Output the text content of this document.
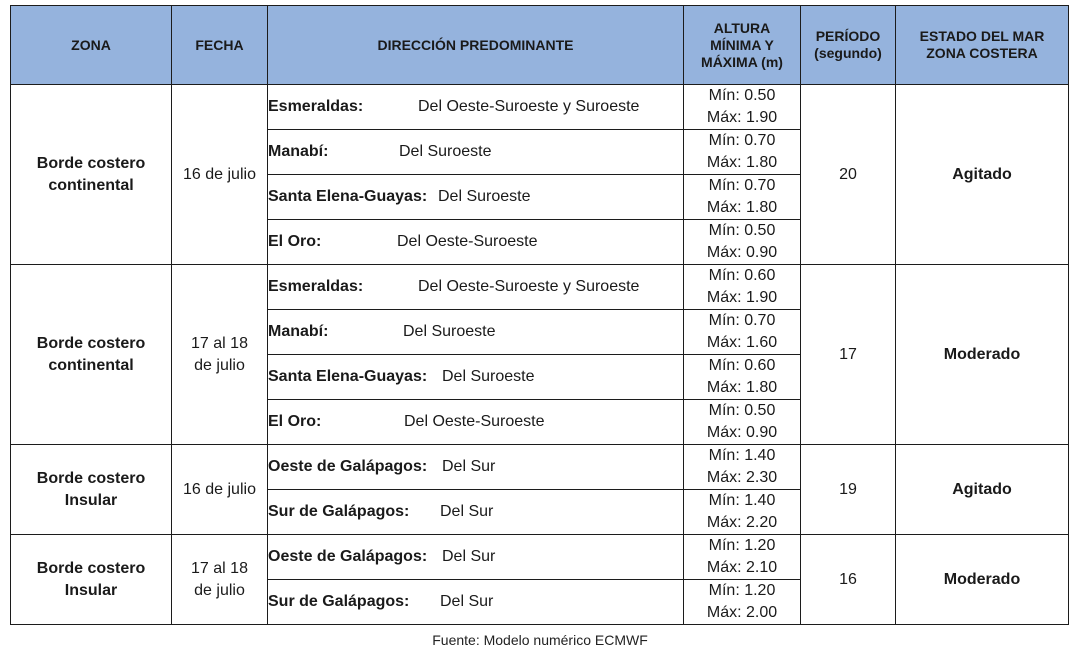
ZONA	FECHA	DIRECCIÓN PREDOMINANTE	ALTURA MÍNIMA Y MÁXIMA (m)	PERÍODO (segundo)	ESTADO DEL MAR ZONA COSTERA
Borde costero continental	16 de julio	Esmeraldas: Del Oeste-Suroeste y Suroeste	Mín: 0.50
Máx: 1.90	20	Agitado
		Manabí: Del Suroeste	Mín: 0.70
Máx: 1.80		

		Santa Elena-Guayas: Del Suroeste	Mín: 0.70
Máx: 1.80		

		El Oro: Del Oeste-Suroeste	Mín: 0.50
Máx: 0.90		

Borde costero continental	17 al 18 de julio	Esmeraldas: Del Oeste-Suroeste y Suroeste	Mín: 0.60
Máx: 1.90	17	Moderado
		Manabí: Del Suroeste	Mín: 0.70
Máx: 1.60		

		Santa Elena-Guayas: Del Suroeste	Mín: 0.60
Máx: 1.80		

		El Oro: Del Oeste-Suroeste	Mín: 0.50
Máx: 0.90		

Borde costero Insular	16 de julio	Oeste de Galápagos: Del Sur	Mín: 1.40
Máx: 2.30	19	Agitado
		Sur de Galápagos: Del Sur	Mín: 1.40
Máx: 2.20		

Borde costero Insular	17 al 18 de julio	Oeste de Galápagos: Del Sur	Mín: 1.20
Máx: 2.10	16	Moderado
		Sur de Galápagos: Del Sur	Mín: 1.20
Máx: 2.00		
Fuente: Modelo numérico ECMWF
